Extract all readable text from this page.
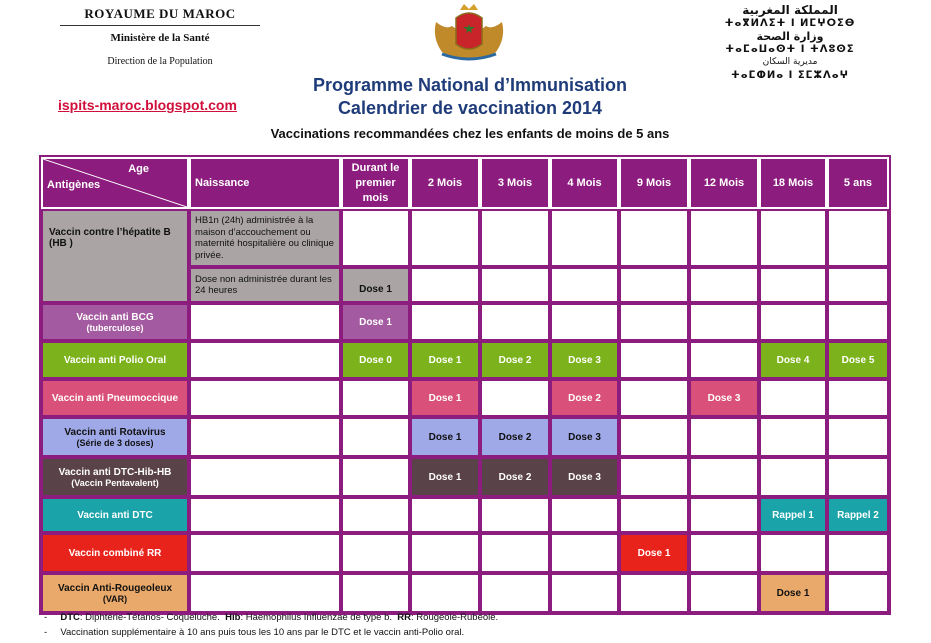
ROYAUME DU MAROC
Ministère de la Santé
Direction de la Population
المملكة المغربية
ⵜⴰⴳⵍⴷⵉⵜ ⵏ ⵍⵎⵖⵔⵉⴱ
وزارة الصحة
ⵜⴰⵎⴰⵡⴰⵙⵜ ⵏ ⵜⴷⵓⵙⵉ
مديرية السكان
ⵜⴰⵎⵀⵍⴰ ⵏ ⵉⵎⵣⴷⴰⵖ
Programme National d’Immunisation
Calendrier de vaccination 2014
ispits-maroc.blogspot.com
Vaccinations recommandées chez les enfants de moins de 5 ans
Age
Antigènes	Naissance	Durant le premier mois	2 Mois	3 Mois	4 Mois	9 Mois	12 Mois	18 Mois	5 ans
Vaccin contre l’hépatite B (HB )	HB1n (24h) administrée à la maison d’accouchement ou maternité hospitalière ou clinique privée.								
	Dose non administrée durant les 24 heures	Dose 1							

Vaccin anti BCG
(tuberculose)		Dose 1							

Vaccin anti Polio Oral		Dose 0	Dose 1	Dose 2	Dose 3			Dose 4	Dose 5

Vaccin anti Pneumoccique			Dose 1		Dose 2		Dose 3		

Vaccin anti Rotavirus
(Série de 3 doses)			Dose 1	Dose 2	Dose 3				

Vaccin anti DTC-Hib-HB
(Vaccin Pentavalent)			Dose 1	Dose 2	Dose 3				

Vaccin anti DTC								Rappel 1	Rappel 2

Vaccin combiné RR						Dose 1			

Vaccin Anti-Rougeoleux
(VAR)								Dose 1	
- DTC: Diphtérie-Tétanos- Coqueluche. Hib: Haemophilus Influenzae de type b. RR: Rougeole-Rubéole.
- Vaccination supplémentaire à 10 ans puis tous les 10 ans par le DTC et le vaccin anti-Polio oral.
